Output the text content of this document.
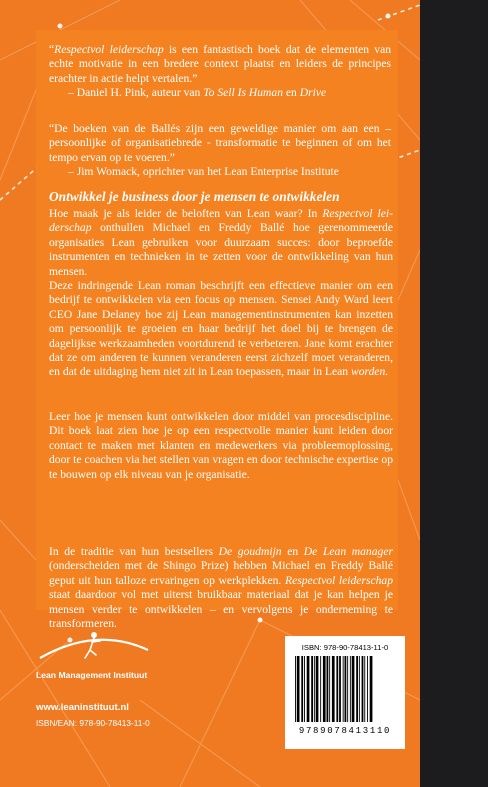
“Respectvol leiderschap is een fantastisch boek dat de elementen van echte motivatie in een bredere context plaatst en leiders de principes erachter in actie helpt vertalen.”
– Daniel H. Pink, auteur van To Sell Is Human en Drive
“De boeken van de Ballés zijn een geweldige manier om aan een – persoonlijke of organisatiebrede - transformatie te beginnen of om het tempo ervan op te voeren.”
– Jim Womack, oprichter van het Lean Enterprise Institute
Ontwikkel je business door je mensen te ontwikkelen
Hoe maak je als leider de beloften van Lean waar? In Respectvol leiderschap onthullen Michael en Freddy Ballé hoe gerenommeerde organisaties Lean gebruiken voor duurzaam succes: door beproefde instrumenten en technieken in te zetten voor de ontwikkeling van hun mensen.
Deze indringende Lean roman beschrijft een effectieve manier om een bedrijf te ontwikkelen via een focus op mensen. Sensei Andy Ward leert CEO Jane Delaney hoe zij Lean managementinstrumenten kan inzetten om persoonlijk te groeien en haar bedrijf het doel bij te brengen de dagelijkse werkzaamheden voortdurend te verbeteren. Jane komt erachter dat ze om anderen te kunnen veranderen eerst zichzelf moet veranderen, en dat de uitdaging hem niet zit in Lean toepassen, maar in Lean worden.
Leer hoe je mensen kunt ontwikkelen door middel van procesdiscipline. Dit boek laat zien hoe je op een respectvolle manier kunt leiden door contact te maken met klanten en medewerkers via probleemoplossing, door te coachen via het stellen van vragen en door technische expertise op te bouwen op elk niveau van je organisatie.
In de traditie van hun bestsellers De goudmijn en De Lean manager (onderscheiden met de Shingo Prize) hebben Michael en Freddy Ballé geput uit hun talloze ervaringen op werkplekken. Respectvol leiderschap staat daardoor vol met uiterst bruikbaar materiaal dat je kan helpen je mensen verder te ontwikkelen – en vervolgens je onderneming te transformeren.
Lean Management Instituut
www.leaninstituut.nl
ISBN/EAN: 978-90-78413-11-0
ISBN: 978-90-78413-11-0
9789078413110
